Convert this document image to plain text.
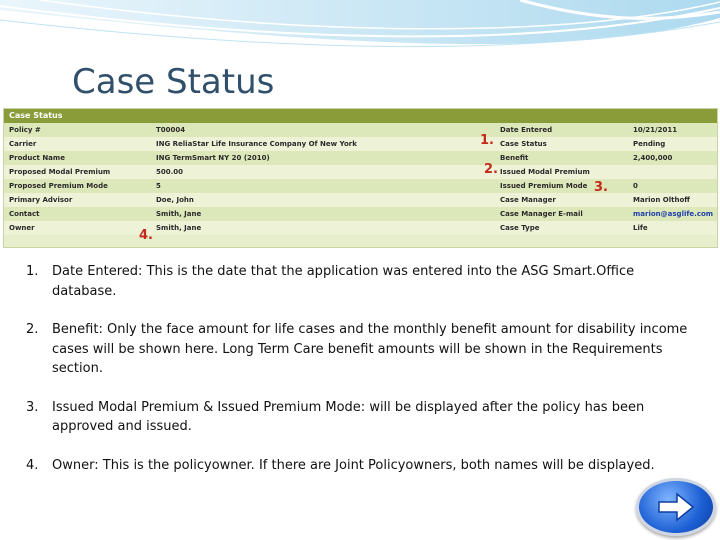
Case Status
Case Status
Policy #	T00004	Date Entered	10/21/2011
Carrier	ING ReliaStar Life Insurance Company Of New York	Case Status	Pending
Product Name	ING TermSmart NY 20 (2010)	Benefit	2,400,000
Proposed Modal Premium	500.00	Issued Modal Premium
Proposed Premium Mode	5	Issued Premium Mode	0
Primary Advisor	Doe, John	Case Manager	Marion Olthoff
Contact	Smith, Jane	Case Manager E-mail	marion@asglife.com
Owner	Smith, Jane	Case Type	Life
1.
2.
3.
4.
1. Date Entered: This is the date that the application was entered into the ASG Smart.Office database.
2. Benefit: Only the face amount for life cases and the monthly benefit amount for disability income cases will be shown here. Long Term Care benefit amounts will be shown in the Requirements section.
3. Issued Modal Premium & Issued Premium Mode: will be displayed after the policy has been approved and issued.
4. Owner: This is the policyowner. If there are Joint Policyowners, both names will be displayed.
